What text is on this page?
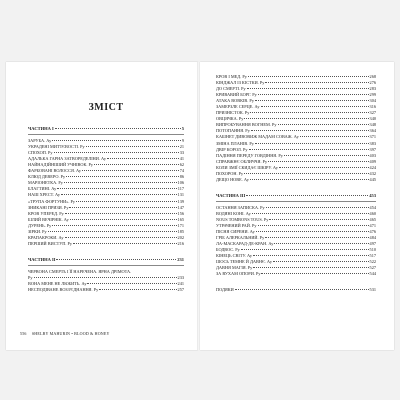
ЗМІСТ
ЧАСТИНА І	5
ЗАРУБА. Ау	9
УКРАДЕНІ МИТТЄВОСТІ. Ру	21
СПОХОП. Ру	33
АДАЛЬКА ГАРНА ЗАТВОРЕДЕЛІНИ. Ау	41
НАЙНАДІЙНІШИЙ УЧНІВОК. Ру	62
ФАРБОВАНІ ВОЛОССЯ. Ау	74
КЛЮД ДЕВЕРО. Ру	86
МАРІОНЕТКА. Ру	106
БЛАГТИНІ. Ау	117
НАШ ХРЕСТ. Ау	131
«ТРУПА ФОРТУНИ». Ру	139
ЗНИКАНІ ПРИЗИ. Ру	147
КРОВ УПЕРЕД. Ру	156
БІЛИЙ ВЕЧІРНІК. Ау	165
ДУРЕНЬ. Ру	171
ЗІРКИ. Ру	185
КРАПАКРОКИ. Ау	202
ПЕРШИЙ ВИСТУП. Ру	216
ЧАСТИНА II	231
ЧЕРВОНА СМЕРТЬ І ЇЇ НАРЕЧЕНА. ЯРНА ДРІМОТА.
Ру	233
ВОНА МЕНЕ НЕ ЛЮБИТЬ. Ау	241
НЕСПОДІВАНЕ ВОЗЗ'ЄДНАННЯ. Ру	257
556 SHELBY MAHURIN • BLOOD & HONEY
КРОВ І МЕД. Ру	268
КІНДЖАЛ ІЗ КІСТКИ. Ру	276
ДО СМЕРТІ. Ру	283
КРИВАВИЙ БОРГ. Ру	299
АТАКА ВОВКІВ. Ру	304
ЗАМЕРЗЛЕ СЕРЦЕ. Ау	316
ПРИЗНІСТОК. Ру	327
ОВЦЯЧКА. Ру	340
ВИПРОБУВАННЯ ВОГНЕМ. Ру	348
ПОТОПАННЯ. Ру	364
КАБІНЕТ ДИВОВИЖ МАДАМ СОВАЖ. Ау	371
ЗМІНА ПЛАНІВ. Ру	383
ДВІР КОРОЛ. Ру	397
ПАДІННЯ ПЕРЕДУ ГОВДІННЯ. Ру	403
СПРАВЖНЄ ОБЛИЧЧЯ. Ру	409
КОЛИ ЗМІЇ СКИДАЄ ШКІРУ. Ау	424
ПОХОРОН. Ру	432
ДЕЩО НОВЕ. Ау	445
ЧАСТИНА III	453
ОСТАННЯ ЗАПИСКА. Ру	454
ВОДЯНІ КОНІ. Ау	460
NOUS TOMBONS TOUS. Ру	465
УТРАЧЕНИЙ РАЙ. Ру	471
ПІСНЯ СИРЕНИ. Ау	476
ГРІБ АЛЕРКАЛЬНИЙ. Ру	484
ЛА-МАСКАРАД-ДЕ-КРАН. Ау	497
БОДВОС. Ру	510
КІНЕЦЬ СВІТУ. Ау	517
ШОСЬ ТЕМНЕ Й ДАВНЄ. Ау	522
ДАВНЯ МАГІЯ. Ру	527
ЗА ВУХАМ ОПОРИ. Ру	544
ПОДЯКИ	531
